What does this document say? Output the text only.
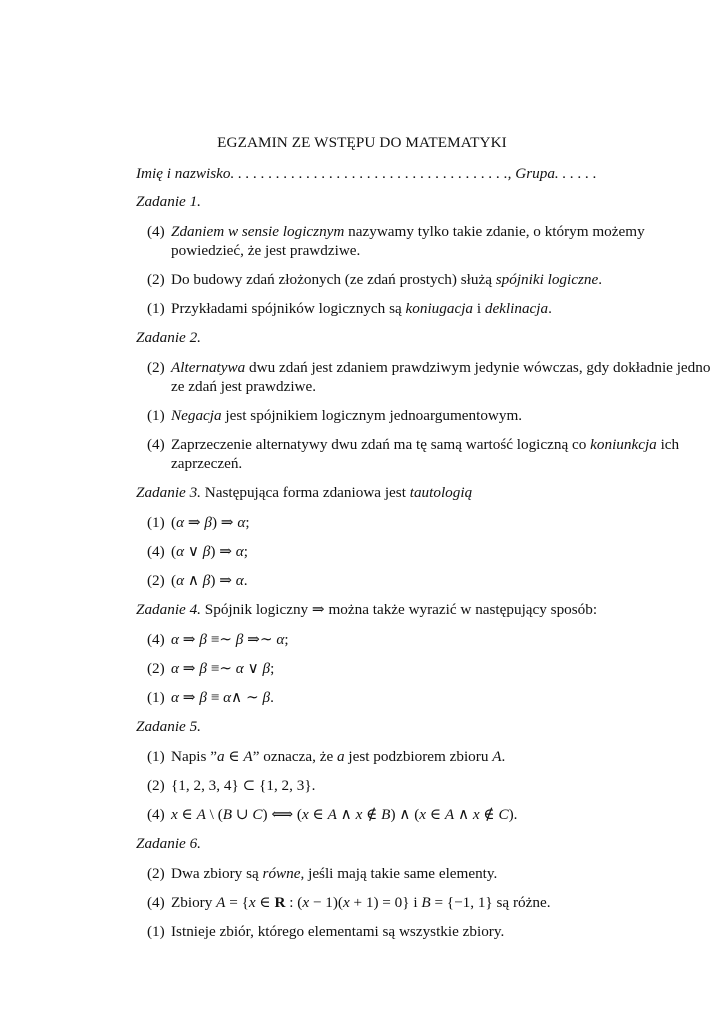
EGZAMIN ZE WSTĘPU DO MATEMATYKI
Imię i nazwisko. . . . . . . . . . . . . . . . . . . . . . . . . . . . . . . . . . . . ., Grupa. . . . . .
Zadanie 1.
(4) Zdaniem w sensie logicznym nazywamy tylko takie zdanie, o którym możemy powiedzieć, że jest prawdziwe.
(2) Do budowy zdań złożonych (ze zdań prostych) służą spójniki logiczne.
(1) Przykładami spójników logicznych są koniugacja i deklinacja.
Zadanie 2.
(2) Alternatywa dwu zdań jest zdaniem prawdziwym jedynie wówczas, gdy dokładnie jedno ze zdań jest prawdziwe.
(1) Negacja jest spójnikiem logicznym jednoargumentowym.
(4) Zaprzeczenie alternatywy dwu zdań ma tę samą wartość logiczną co koniunkcja ich zaprzeczeń.
Zadanie 3. Następująca forma zdaniowa jest tautologią
(1) (α ⇒ β) ⇒ α;
(4) (α ∨ β) ⇒ α;
(2) (α ∧ β) ⇒ α.
Zadanie 4. Spójnik logiczny ⇒ można także wyrazić w następujący sposób:
(4) α ⇒ β ≡∼ β ⇒∼ α;
(2) α ⇒ β ≡∼ α ∨ β;
(1) α ⇒ β ≡ α∧ ∼ β.
Zadanie 5.
(1) Napis ”a ∈ A” oznacza, że a jest podzbiorem zbioru A.
(2) {1, 2, 3, 4} ⊂ {1, 2, 3}.
(4) x ∈ A \ (B ∪ C) ⟺ (x ∈ A ∧ x ∉ B) ∧ (x ∈ A ∧ x ∉ C).
Zadanie 6.
(2) Dwa zbiory są równe, jeśli mają takie same elementy.
(4) Zbiory A = {x ∈ R : (x − 1)(x + 1) = 0} i B = {−1, 1} są różne.
(1) Istnieje zbiór, którego elementami są wszystkie zbiory.
